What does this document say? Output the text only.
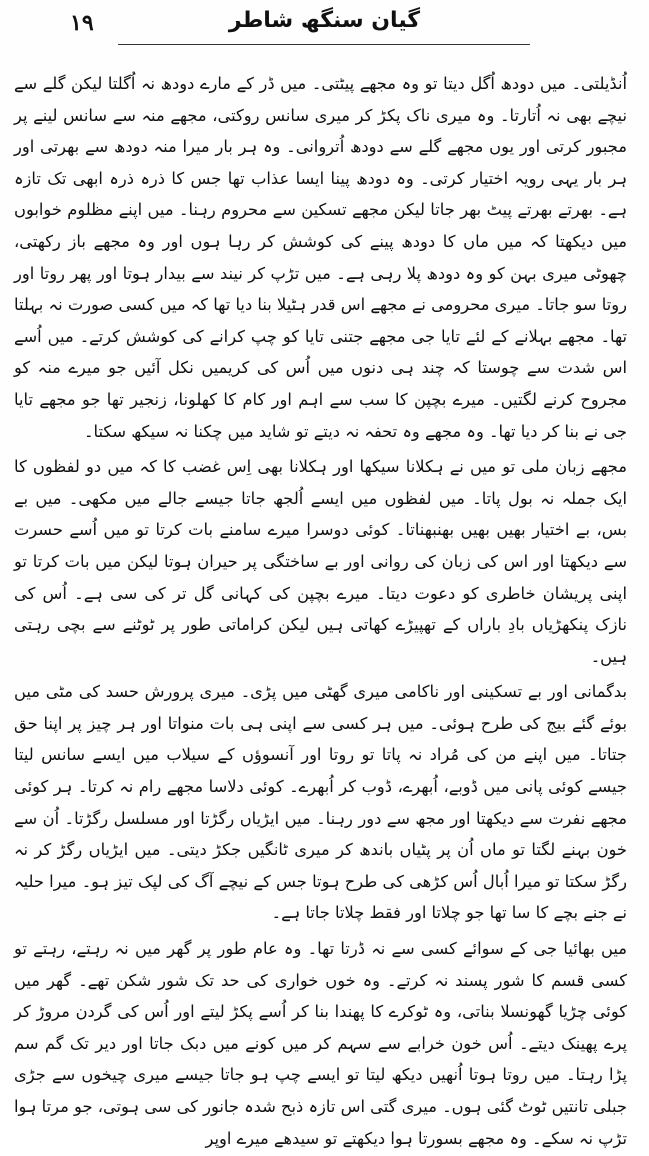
۱۹	گیان سنگھ شاطر

اُنڈیلتی۔ میں دودھ اُگل دیتا تو وہ مجھے پیٹتی۔ میں ڈر کے مارے دودھ نہ اُگلتا لیکن گلے سے نیچے بھی نہ اُتارتا۔ وہ میری ناک پکڑ کر میری سانس روکتی، مجھے منہ سے سانس لینے پر مجبور کرتی اور یوں مجھے گلے سے دودھ اُتروانی۔ وہ ہر بار میرا منہ دودھ سے بھرتی اور ہر بار یہی رویہ اختیار کرتی۔ وہ دودھ پینا ایسا عذاب تھا جس کا ذرہ ذرہ ابھی تک تازہ ہے۔ بھرتے بھرتے پیٹ بھر جاتا لیکن مجھے تسکین سے محروم رہنا۔ میں اپنے مظلوم خوابوں میں دیکھتا کہ میں ماں کا دودھ پینے کی کوشش کر رہا ہوں اور وہ مجھے باز رکھتی، چھوٹی میری بہن کو وہ دودھ پلا رہی ہے۔ میں تڑپ کر نیند سے بیدار ہوتا اور پھر روتا اور روتا سو جاتا۔ میری محرومی نے مجھے اس قدر ہٹیلا بنا دیا تھا کہ میں کسی صورت نہ بہلتا تھا۔ مجھے بہلانے کے لئے تایا جی مجھے جتنی تایا کو چپ کرانے کی کوشش کرتے۔ میں اُسے اس شدت سے چوستا کہ چند ہی دنوں میں اُس کی کریمیں نکل آئیں جو میرے منہ کو مجروح کرنے لگتیں۔ میرے بچپن کا سب سے اہم اور کام کا کھلونا، زنجیر تھا جو مجھے تایا جی نے بنا کر دیا تھا۔ وہ مجھے وہ تحفہ نہ دیتے تو شاید میں چکنا نہ سیکھ سکتا۔

مجھے زبان ملی تو میں نے ہکلانا سیکھا اور ہکلانا بھی اِس غضب کا کہ میں دو لفظوں کا ایک جملہ نہ بول پاتا۔ میں لفظوں میں ایسے اُلجھ جاتا جیسے جالے میں مکھی۔ میں بے بس، بے اختیار بھیں بھیں بھنبھناتا۔ کوئی دوسرا میرے سامنے بات کرتا تو میں اُسے حسرت سے دیکھتا اور اس کی زبان کی روانی اور بے ساختگی پر حیران ہوتا لیکن میں بات کرتا تو اپنی پریشان خاطری کو دعوت دیتا۔ میرے بچپن کی کہانی گل تر کی سی ہے۔ اُس کی نازک پنکھڑیاں بادِ باراں کے تھپیڑے کھاتی ہیں لیکن کراماتی طور پر ٹوٹنے سے بچی رہتی ہیں۔

بدگمانی اور بے تسکینی اور ناکامی میری گھٹی میں پڑی۔ میری پرورش حسد کی مٹی میں بوئے گئے بیج کی طرح ہوئی۔ میں ہر کسی سے اپنی ہی بات منواتا اور ہر چیز پر اپنا حق جتاتا۔ میں اپنے من کی مُراد نہ پاتا تو روتا اور آنسوؤں کے سیلاب میں ایسے سانس لیتا جیسے کوئی پانی میں ڈوبے، اُبھرے، ڈوب کر اُبھرے۔ کوئی دلاسا مجھے رام نہ کرتا۔ ہر کوئی مجھے نفرت سے دیکھتا اور مجھ سے دور رہنا۔ میں ایڑیاں رگڑتا اور مسلسل رگڑتا۔ اُن سے خون بہنے لگتا تو ماں اُن پر پٹیاں باندھ کر میری ٹانگیں جکڑ دیتی۔ میں ایڑیاں رگڑ کر نہ رگڑ سکتا تو میرا اُبال اُس کڑھی کی طرح ہوتا جس کے نیچے آگ کی لپک تیز ہو۔ میرا حلیہ نے جنے بچے کا سا تھا جو چلاتا اور فقط چلاتا جاتا ہے۔

میں بھائیا جی کے سوائے کسی سے نہ ڈرتا تھا۔ وہ عام طور پر گھر میں نہ رہتے، رہتے تو کسی قسم کا شور پسند نہ کرتے۔ وہ خوں خواری کی حد تک شور شکن تھے۔ گھر میں کوئی چڑیا گھونسلا بناتی، وہ ٹوکرے کا پھندا بنا کر اُسے پکڑ لیتے اور اُس کی گردن مروڑ کر پرے پھینک دیتے۔ اُس خون خرابے سے سہم کر میں کونے میں دبک جاتا اور دیر تک گم سم پڑا رہتا۔ میں روتا ہوتا اُنھیں دیکھ لیتا تو ایسے چپ ہو جاتا جیسے میری چیخوں سے جڑی جبلی تانتیں ٹوٹ گئی ہوں۔ میری گتی اس تازہ ذبح شدہ جانور کی سی ہوتی، جو مرتا ہوا تڑپ نہ سکے۔ وہ مجھے بسورتا ہوا دیکھتے تو سیدھے میرے اوپر
